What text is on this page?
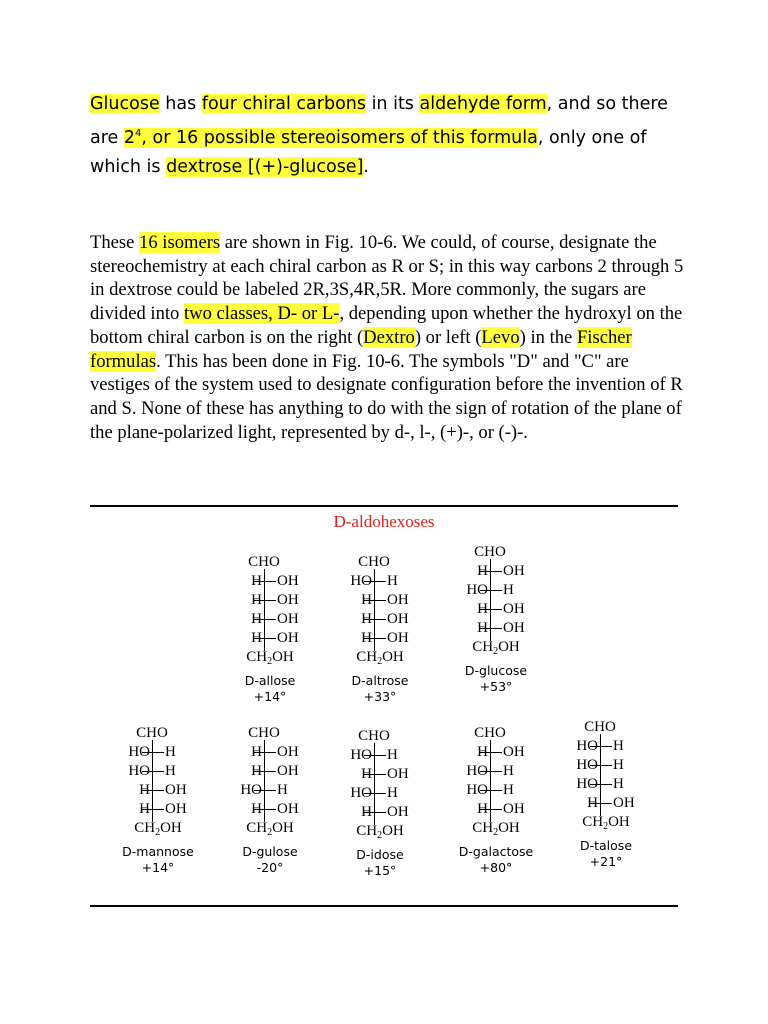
Glucose has four chiral carbons in its aldehyde form, and so there are $2^4$, or 16 possible stereoisomers of this formula, only one of which is dextrose [(+)-glucose].
These 16 isomers are shown in Fig. 10-6. We could, of course, designate the stereochemistry at each chiral carbon as R or S; in this way carbons 2 through 5 in dextrose could be labeled 2R,3S,4R,5R. More commonly, the sugars are divided into two classes, D- or L-, depending upon whether the hydroxyl on the bottom chiral carbon is on the right (Dextro) or left (Levo) in the Fischer formulas. This has been done in Fig. 10-6. The symbols "D" and "C" are vestiges of the system used to designate configuration before the invention of R and S. None of these has anything to do with the sign of rotation of the plane of the plane-polarized light, represented by d-, l-, (+)-, or (-)-.
D-aldohexoses
CHO
H OH
H OH
H OH
H OH
$CH_2OH$
D-allose
+14°
CHO
HO H
H OH
H OH
H OH
$CH_2OH$
D-altrose
+33°
CHO
H OH
HO H
H OH
H OH
$CH_2OH$
D-glucose
+53°
CHO
HO H
HO H
H OH
H OH
$CH_2OH$
D-mannose
+14°
CHO
H OH
H OH
HO H
H OH
$CH_2OH$
D-gulose
-20°
CHO
HO H
H OH
HO H
H OH
$CH_2OH$
D-idose
+15°
CHO
H OH
HO H
HO H
H OH
$CH_2OH$
D-galactose
+80°
CHO
HO H
HO H
HO H
H OH
$CH_2OH$
D-talose
+21°
